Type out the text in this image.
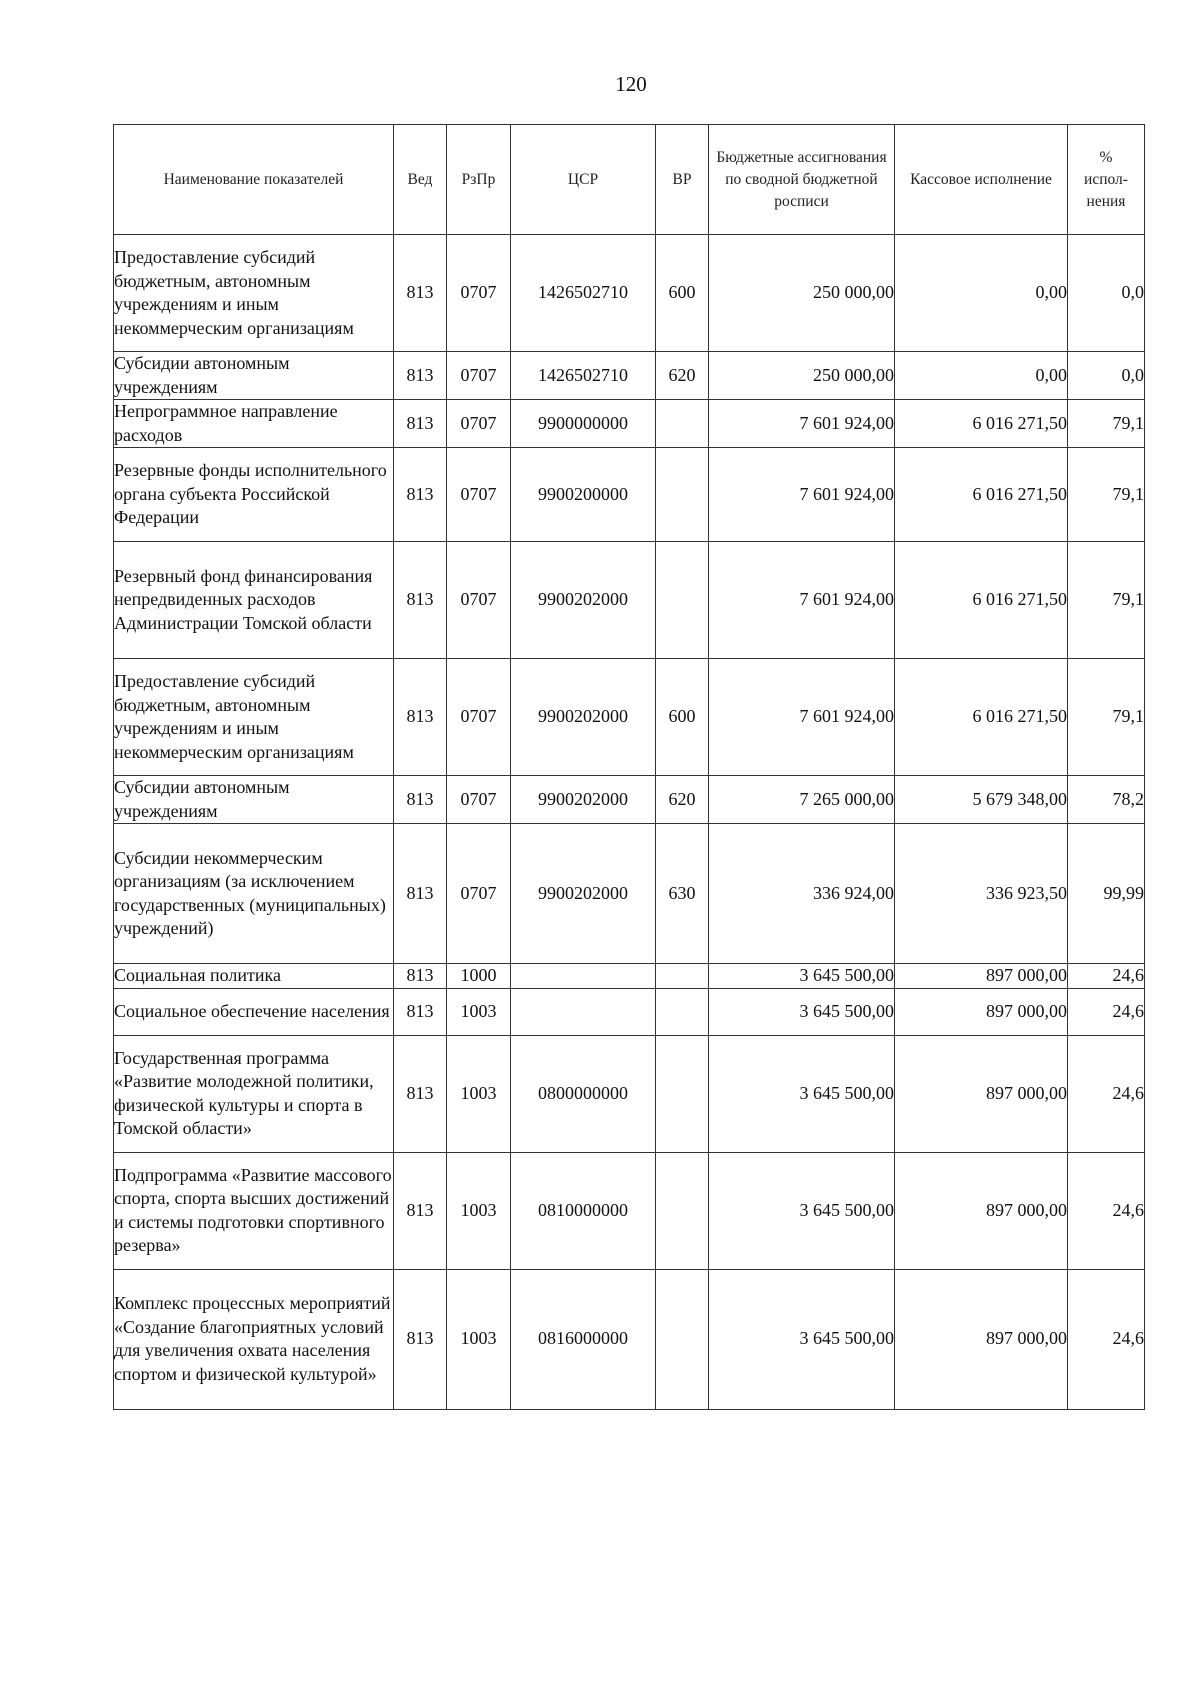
120
Наименование показателей	Вед	РзПр	ЦСР	ВР	Бюджетные ассигнования по сводной бюджетной росписи	Кассовое исполнение	% испол-нения
Предоставление субсидий бюджетным, автономным учреждениям и иным некоммерческим организациям	813	0707	1426502710	600	250 000,00	0,00	0,0
Субсидии автономным учреждениям	813	0707	1426502710	620	250 000,00	0,00	0,0
Непрограммное направление расходов	813	0707	9900000000		7 601 924,00	6 016 271,50	79,1
Резервные фонды исполнительного органа субъекта Российской Федерации	813	0707	9900200000		7 601 924,00	6 016 271,50	79,1
Резервный фонд финансирования непредвиденных расходов Администрации Томской области	813	0707	9900202000		7 601 924,00	6 016 271,50	79,1
Предоставление субсидий бюджетным, автономным учреждениям и иным некоммерческим организациям	813	0707	9900202000	600	7 601 924,00	6 016 271,50	79,1
Субсидии автономным учреждениям	813	0707	9900202000	620	7 265 000,00	5 679 348,00	78,2
Субсидии некоммерческим организациям (за исключением государственных (муниципальных) учреждений)	813	0707	9900202000	630	336 924,00	336 923,50	99,99
Социальная политика	813	1000			3 645 500,00	897 000,00	24,6
Социальное обеспечение населения	813	1003			3 645 500,00	897 000,00	24,6
Государственная программа «Развитие молодежной политики, физической культуры и спорта в Томской области»	813	1003	0800000000		3 645 500,00	897 000,00	24,6
Подпрограмма «Развитие массового спорта, спорта высших достижений и системы подготовки спортивного резерва»	813	1003	0810000000		3 645 500,00	897 000,00	24,6
Комплекс процессных мероприятий «Создание благоприятных условий для увеличения охвата населения спортом и физической культурой»	813	1003	0816000000		3 645 500,00	897 000,00	24,6
